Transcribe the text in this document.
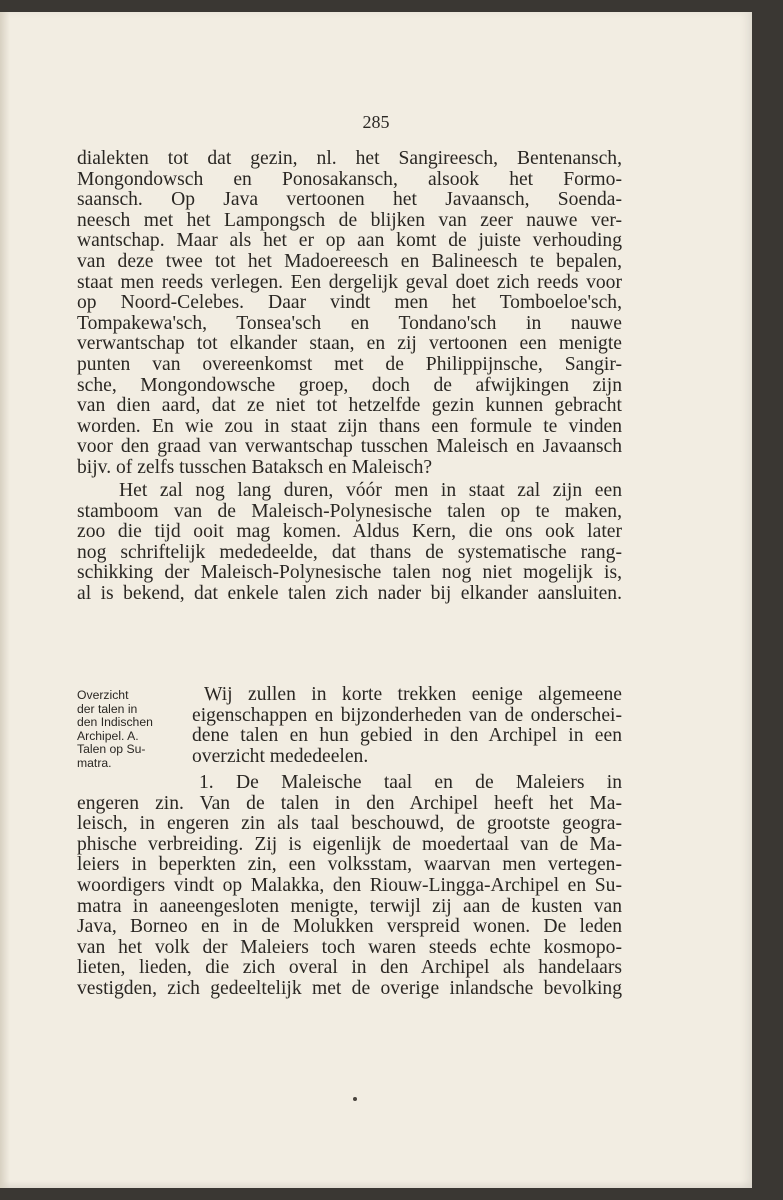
285
dialekten tot dat gezin, nl. het Sangireesch, Bentenansch,
Mongondowsch en Ponosakansch, alsook het Formo-
saansch. Op Java vertoonen het Javaansch, Soenda-
neesch met het Lampongsch de blijken van zeer nauwe ver-
wantschap. Maar als het er op aan komt de juiste verhouding
van deze twee tot het Madoereesch en Balineesch te bepalen,
staat men reeds verlegen. Een dergelijk geval doet zich reeds voor
op Noord-Celebes. Daar vindt men het Tomboeloe'sch,
Tompakewa'sch, Tonsea'sch en Tondano'sch in nauwe
verwantschap tot elkander staan, en zij vertoonen een menigte
punten van overeenkomst met de Philippijnsche, Sangir-
sche, Mongondowsche groep, doch de afwijkingen zijn
van dien aard, dat ze niet tot hetzelfde gezin kunnen gebracht
worden. En wie zou in staat zijn thans een formule te vinden
voor den graad van verwantschap tusschen Maleisch en Javaansch
bijv. of zelfs tusschen Bataksch en Maleisch?
Het zal nog lang duren, vóór men in staat zal zijn een
stamboom van de Maleisch-Polynesische talen op te maken,
zoo die tijd ooit mag komen. Aldus Kern, die ons ook later
nog schriftelijk mededeelde, dat thans de systematische rang-
schikking der Maleisch-Polynesische talen nog niet mogelijk is,
al is bekend, dat enkele talen zich nader bij elkander aansluiten.
Overzicht
der talen in
den Indischen
Archipel. A.
Talen op Su-
matra.
Wij zullen in korte trekken eenige algemeene
eigenschappen en bijzonderheden van de onderschei-
dene talen en hun gebied in den Archipel in een
overzicht mededeelen.
1. De Maleische taal en de Maleiers in
engeren zin. Van de talen in den Archipel heeft het Ma-
leisch, in engeren zin als taal beschouwd, de grootste geogra-
phische verbreiding. Zij is eigenlijk de moedertaal van de Ma-
leiers in beperkten zin, een volksstam, waarvan men vertegen-
woordigers vindt op Malakka, den Riouw-Lingga-Archipel en Su-
matra in aaneengesloten menigte, terwijl zij aan de kusten van
Java, Borneo en in de Molukken verspreid wonen. De leden
van het volk der Maleiers toch waren steeds echte kosmopo-
lieten, lieden, die zich overal in den Archipel als handelaars
vestigden, zich gedeeltelijk met de overige inlandsche bevolking
